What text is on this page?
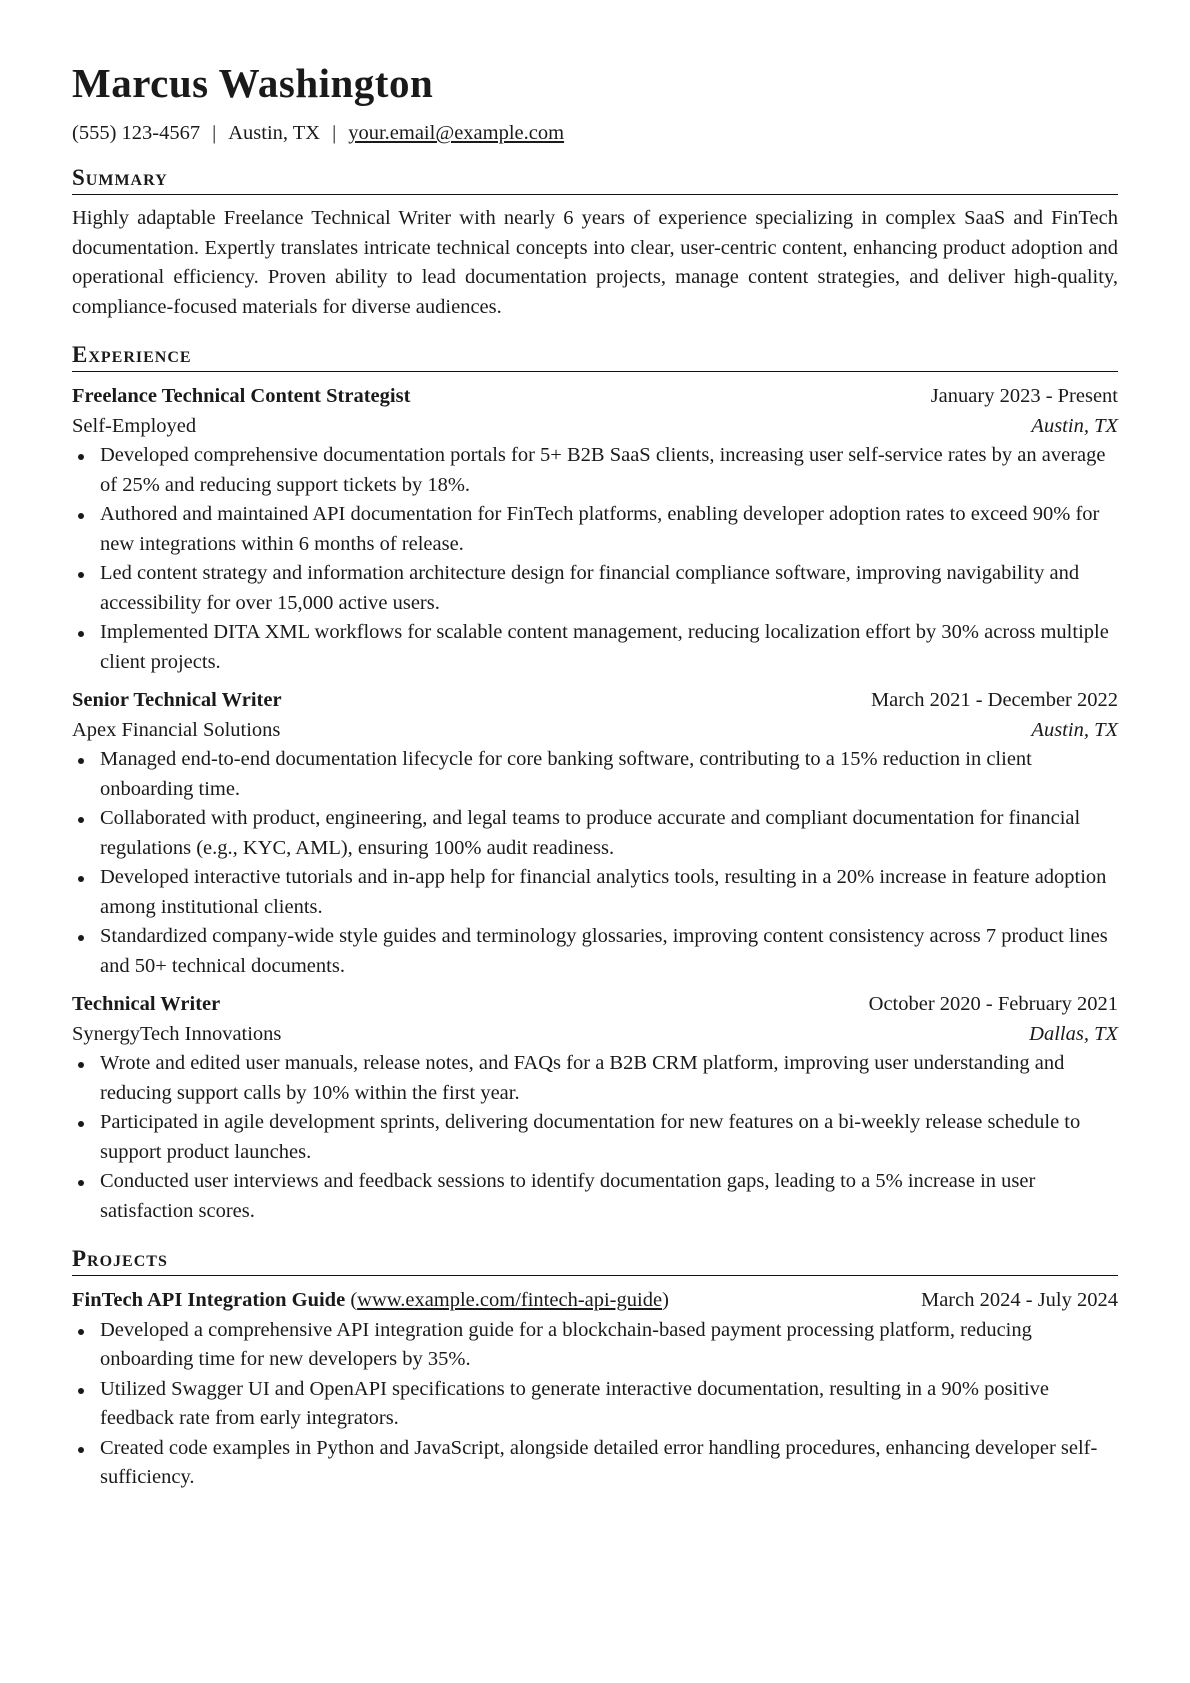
Marcus Washington
(555) 123-4567 | Austin, TX | your.email@example.com
Summary
Highly adaptable Freelance Technical Writer with nearly 6 years of experience specializing in complex SaaS and FinTech documentation. Expertly translates intricate technical concepts into clear, user-centric content, enhancing product adoption and operational efficiency. Proven ability to lead documentation projects, manage content strategies, and deliver high-quality, compliance-focused materials for diverse audiences.
Experience
Freelance Technical Content Strategist	January 2023 - Present
Self-Employed	Austin, TX
Developed comprehensive documentation portals for 5+ B2B SaaS clients, increasing user self-service rates by an average of 25% and reducing support tickets by 18%.
Authored and maintained API documentation for FinTech platforms, enabling developer adoption rates to exceed 90% for new integrations within 6 months of release.
Led content strategy and information architecture design for financial compliance software, improving navigability and accessibility for over 15,000 active users.
Implemented DITA XML workflows for scalable content management, reducing localization effort by 30% across multiple client projects.
Senior Technical Writer	March 2021 - December 2022
Apex Financial Solutions	Austin, TX
Managed end-to-end documentation lifecycle for core banking software, contributing to a 15% reduction in client onboarding time.
Collaborated with product, engineering, and legal teams to produce accurate and compliant documentation for financial regulations (e.g., KYC, AML), ensuring 100% audit readiness.
Developed interactive tutorials and in-app help for financial analytics tools, resulting in a 20% increase in feature adoption among institutional clients.
Standardized company-wide style guides and terminology glossaries, improving content consistency across 7 product lines and 50+ technical documents.
Technical Writer	October 2020 - February 2021
SynergyTech Innovations	Dallas, TX
Wrote and edited user manuals, release notes, and FAQs for a B2B CRM platform, improving user understanding and reducing support calls by 10% within the first year.
Participated in agile development sprints, delivering documentation for new features on a bi-weekly release schedule to support product launches.
Conducted user interviews and feedback sessions to identify documentation gaps, leading to a 5% increase in user satisfaction scores.
Projects
FinTech API Integration Guide (www.example.com/fintech-api-guide)	March 2024 - July 2024
Developed a comprehensive API integration guide for a blockchain-based payment processing platform, reducing onboarding time for new developers by 35%.
Utilized Swagger UI and OpenAPI specifications to generate interactive documentation, resulting in a 90% positive feedback rate from early integrators.
Created code examples in Python and JavaScript, alongside detailed error handling procedures, enhancing developer self-sufficiency.
